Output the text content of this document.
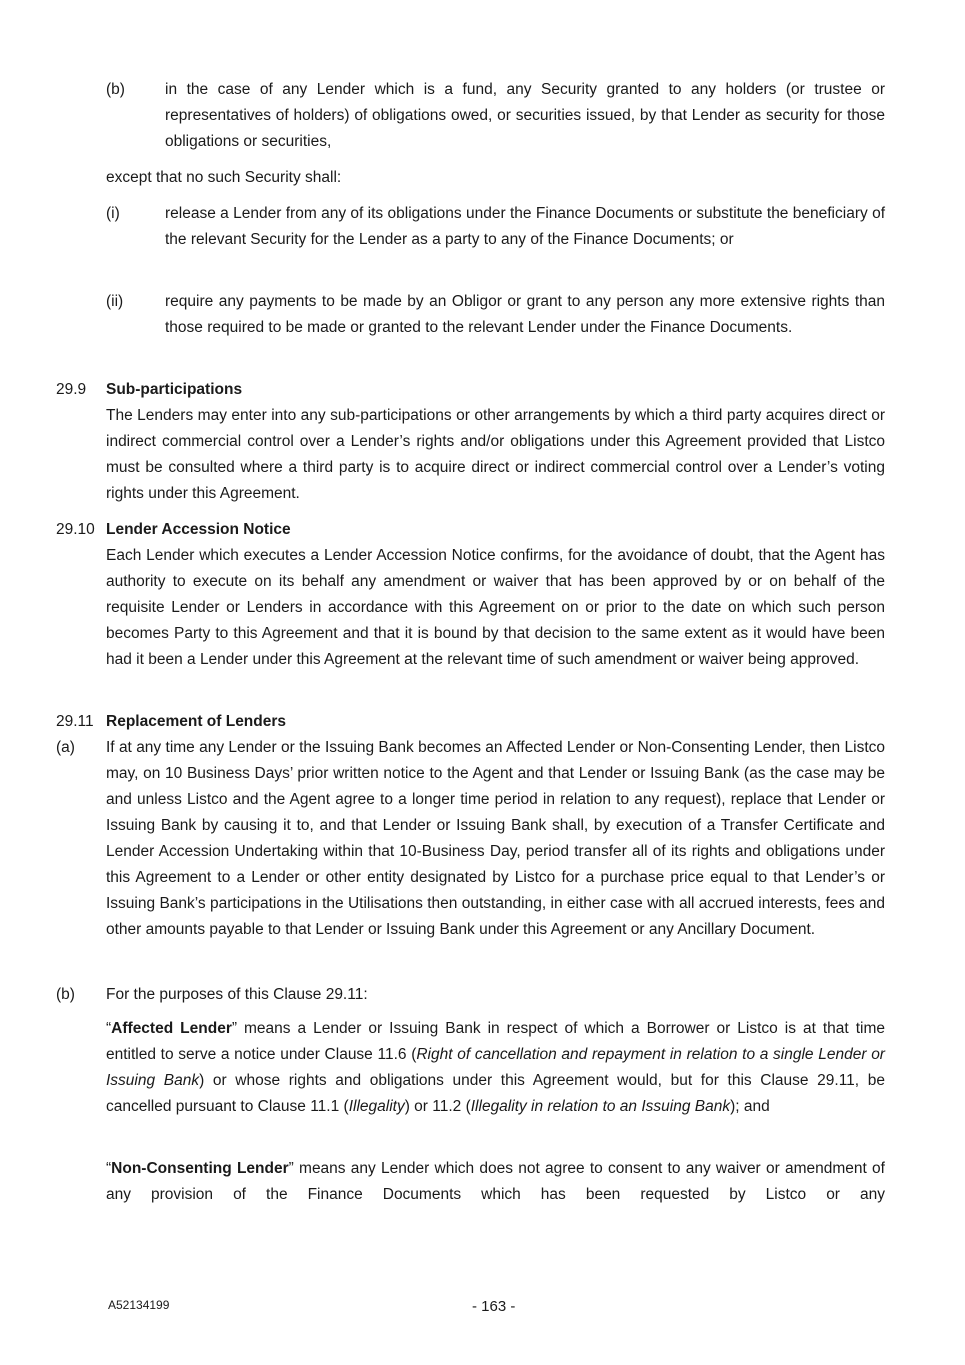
(b)	in the case of any Lender which is a fund, any Security granted to any holders (or trustee or representatives of holders) of obligations owed, or securities issued, by that Lender as security for those obligations or securities,

except that no such Security shall:

(i)	release a Lender from any of its obligations under the Finance Documents or substitute the beneficiary of the relevant Security for the Lender as a party to any of the Finance Documents; or

(ii)	require any payments to be made by an Obligor or grant to any person any more extensive rights than those required to be made or granted to the relevant Lender under the Finance Documents.

29.9 Sub-participations

The Lenders may enter into any sub-participations or other arrangements by which a third party acquires direct or indirect commercial control over a Lender’s rights and/or obligations under this Agreement provided that Listco must be consulted where a third party is to acquire direct or indirect commercial control over a Lender’s voting rights under this Agreement.

29.10 Lender Accession Notice

Each Lender which executes a Lender Accession Notice confirms, for the avoidance of doubt, that the Agent has authority to execute on its behalf any amendment or waiver that has been approved by or on behalf of the requisite Lender or Lenders in accordance with this Agreement on or prior to the date on which such person becomes Party to this Agreement and that it is bound by that decision to the same extent as it would have been had it been a Lender under this Agreement at the relevant time of such amendment or waiver being approved.

29.11 Replacement of Lenders

(a) If at any time any Lender or the Issuing Bank becomes an Affected Lender or Non-Consenting Lender, then Listco may, on 10 Business Days’ prior written notice to the Agent and that Lender or Issuing Bank (as the case may be and unless Listco and the Agent agree to a longer time period in relation to any request), replace that Lender or Issuing Bank by causing it to, and that Lender or Issuing Bank shall, by execution of a Transfer Certificate and Lender Accession Undertaking within that 10-Business Day, period transfer all of its rights and obligations under this Agreement to a Lender or other entity designated by Listco for a purchase price equal to that Lender’s or Issuing Bank’s participations in the Utilisations then outstanding, in either case with all accrued interests, fees and other amounts payable to that Lender or Issuing Bank under this Agreement or any Ancillary Document.

(b) For the purposes of this Clause 29.11:

“Affected Lender” means a Lender or Issuing Bank in respect of which a Borrower or Listco is at that time entitled to serve a notice under Clause 11.6 (Right of cancellation and repayment in relation to a single Lender or Issuing Bank) or whose rights and obligations under this Agreement would, but for this Clause 29.11, be cancelled pursuant to Clause 11.1 (Illegality) or 11.2 (Illegality in relation to an Issuing Bank); and

“Non-Consenting Lender” means any Lender which does not agree to consent to any waiver or amendment of any provision of the Finance Documents which has been requested by Listco or any

A52134199	- 163 -
